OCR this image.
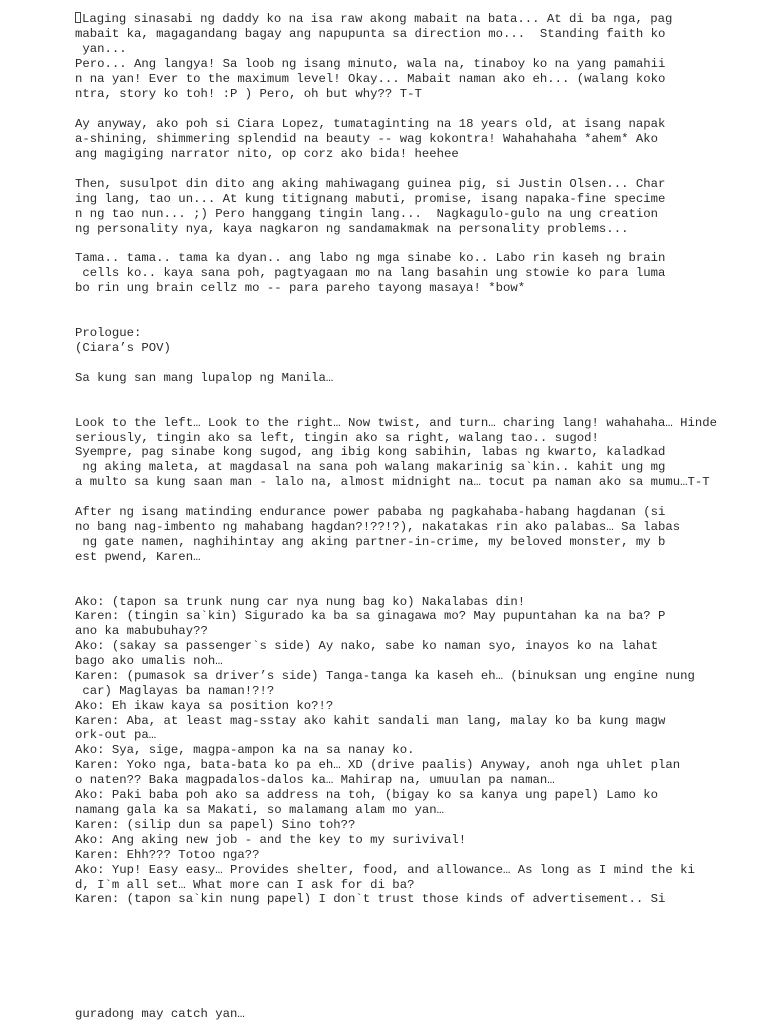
Laging sinasabi ng daddy ko na isa raw akong mabait na bata... At di ba nga, pag
mabait ka, magagandang bagay ang napupunta sa direction mo...  Standing faith ko
yan...
Pero... Ang langya! Sa loob ng isang minuto, wala na, tinaboy ko na yang pamahii
n na yan! Ever to the maximum level! Okay... Mabait naman ako eh... (walang koko
ntra, story ko toh! :P ) Pero, oh but why?? T-T
Ay anyway, ako poh si Ciara Lopez, tumataginting na 18 years old, at isang napak
a-shining, shimmering splendid na beauty -- wag kokontra! Wahahahaha *ahem* Ako
ang magiging narrator nito, op corz ako bida! heehee
Then, susulpot din dito ang aking mahiwagang guinea pig, si Justin Olsen... Char
ing lang, tao un... At kung titignang mabuti, promise, isang napaka-fine specime
n ng tao nun... ;) Pero hanggang tingin lang...  Nagkagulo-gulo na ung creation
ng personality nya, kaya nagkaron ng sandamakmak na personality problems...
Tama.. tama.. tama ka dyan.. ang labo ng mga sinabe ko.. Labo rin kaseh ng brain
cells ko.. kaya sana poh, pagtyagaan mo na lang basahin ung stowie ko para luma
bo rin ung brain cellz mo -- para pareho tayong masaya! *bow*
Prologue:
(Ciara’s POV)
Sa kung san mang lupalop ng Manila…
Look to the left… Look to the right… Now twist, and turn… charing lang! wahahaha… Hinde
seriously, tingin ako sa left, tingin ako sa right, walang tao.. sugod!
Syempre, pag sinabe kong sugod, ang ibig kong sabihin, labas ng kwarto, kaladkad
ng aking maleta, at magdasal na sana poh walang makarinig sa`kin.. kahit ung mg
a multo sa kung saan man - lalo na, almost midnight na… tocut pa naman ako sa mumu…T-T
After ng isang matinding endurance power pababa ng pagkahaba-habang hagdanan (si
no bang nag-imbento ng mahabang hagdan?!??!?), nakatakas rin ako palabas… Sa labas
ng gate namen, naghihintay ang aking partner-in-crime, my beloved monster, my b
est pwend, Karen…
Ako: (tapon sa trunk nung car nya nung bag ko) Nakalabas din!
Karen: (tingin sa`kin) Sigurado ka ba sa ginagawa mo? May pupuntahan ka na ba? P
ano ka mabubuhay??
Ako: (sakay sa passenger`s side) Ay nako, sabe ko naman syo, inayos ko na lahat
bago ako umalis noh…
Karen: (pumasok sa driver’s side) Tanga-tanga ka kaseh eh… (binuksan ung engine nung
car) Maglayas ba naman!?!?
Ako: Eh ikaw kaya sa position ko?!?
Karen: Aba, at least mag-sstay ako kahit sandali man lang, malay ko ba kung magw
ork-out pa…
Ako: Sya, sige, magpa-ampon ka na sa nanay ko.
Karen: Yoko nga, bata-bata ko pa eh… XD (drive paalis) Anyway, anoh nga uhlet plan
o naten?? Baka magpadalos-dalos ka… Mahirap na, umuulan pa naman…
Ako: Paki baba poh ako sa address na toh, (bigay ko sa kanya ung papel) Lamo ko
namang gala ka sa Makati, so malamang alam mo yan…
Karen: (silip dun sa papel) Sino toh??
Ako: Ang aking new job - and the key to my surivival!
Karen: Ehh??? Totoo nga??
Ako: Yup! Easy easy… Provides shelter, food, and allowance… As long as I mind the ki
d, I`m all set… What more can I ask for di ba?
Karen: (tapon sa`kin nung papel) I don`t trust those kinds of advertisement.. Si
guradong may catch yan…
